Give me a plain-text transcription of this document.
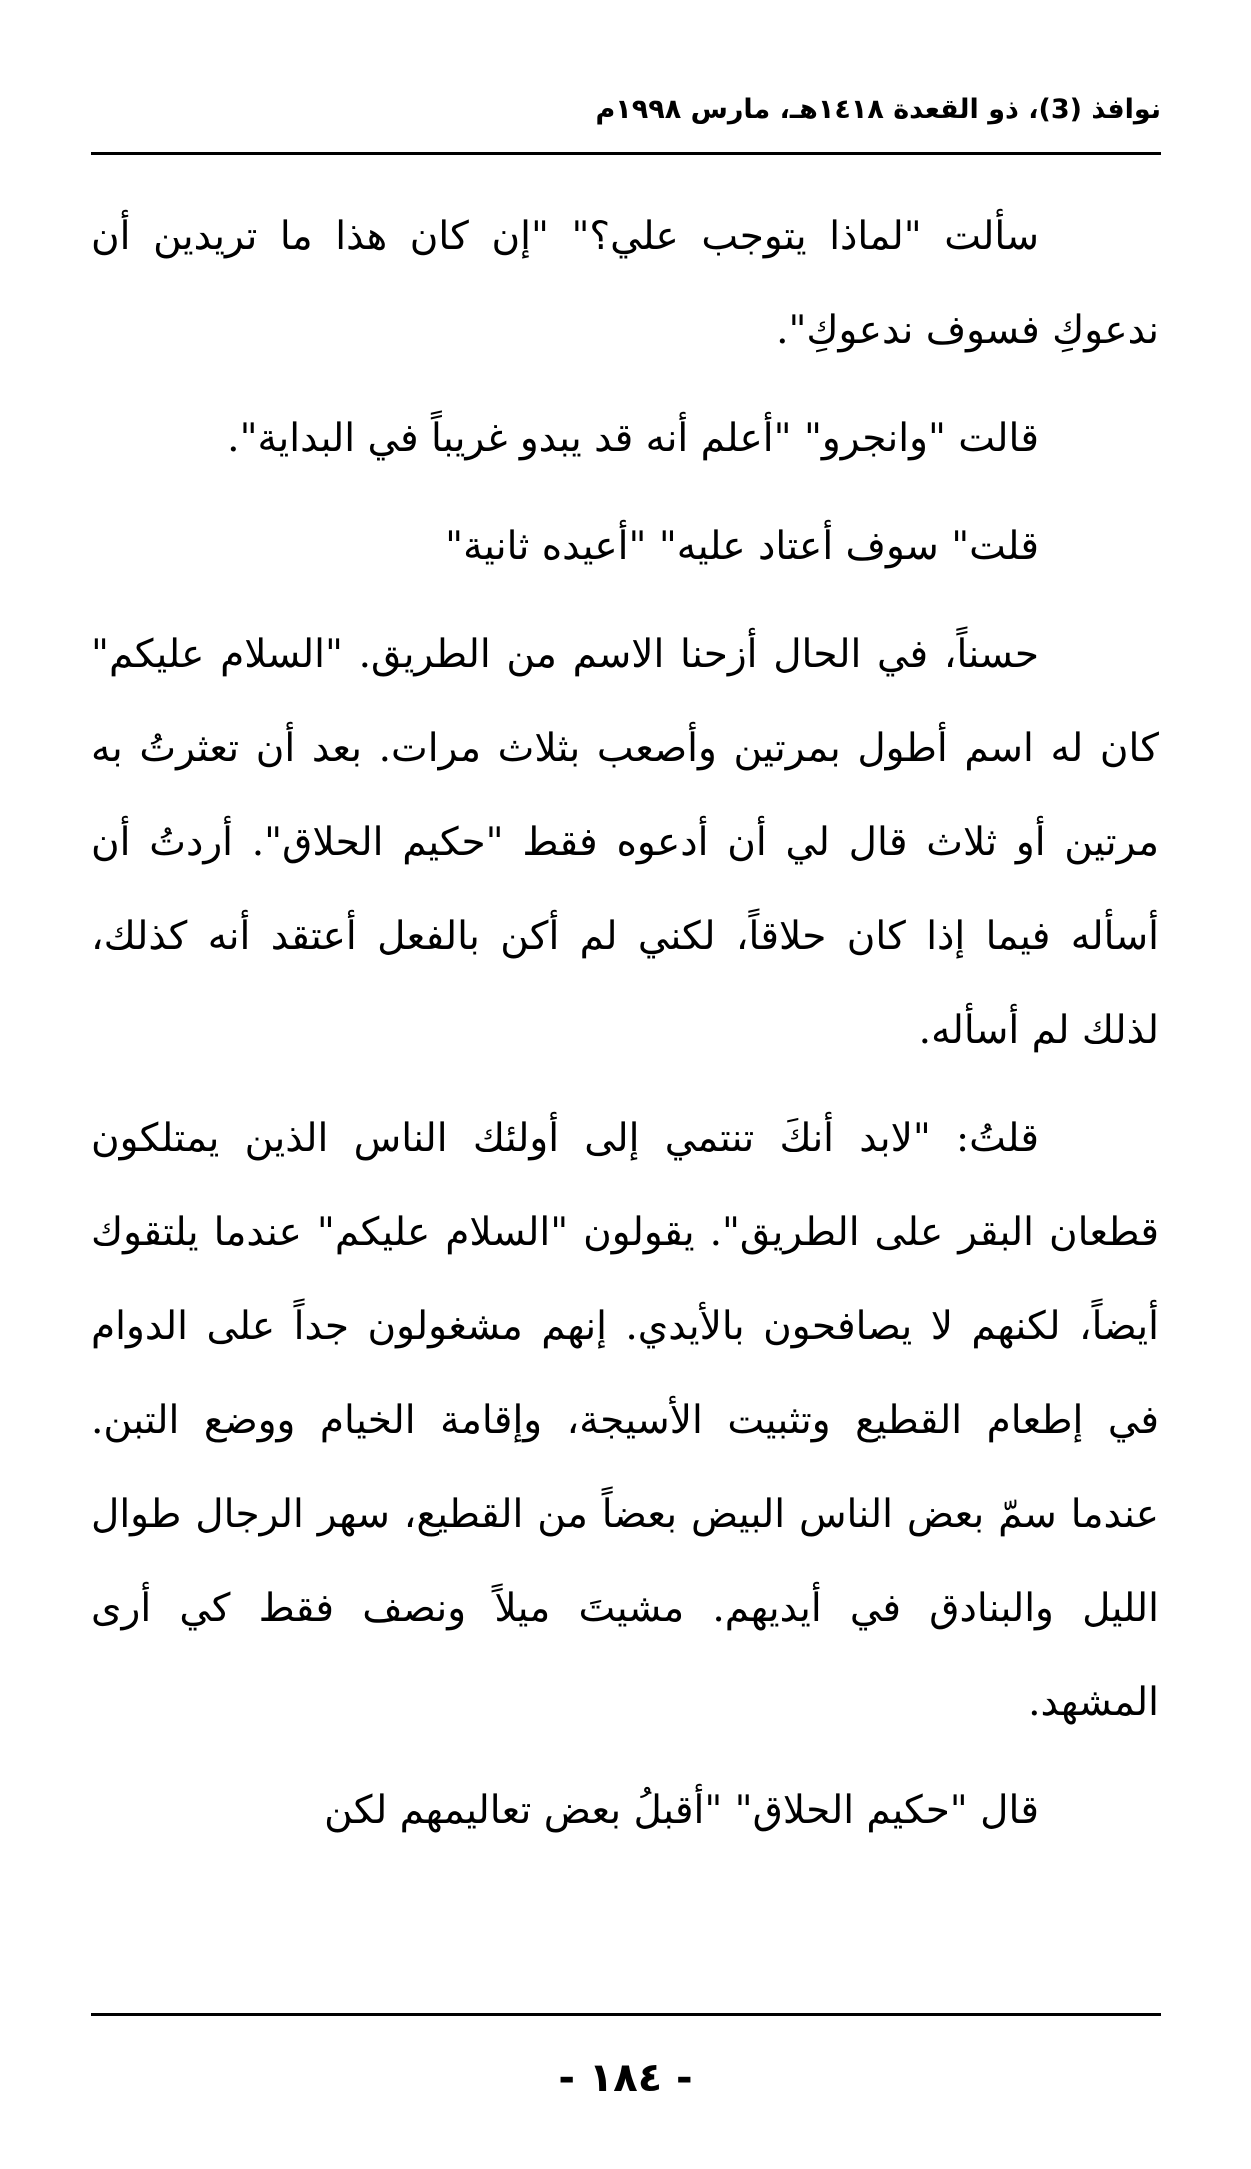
نوافذ (3)، ذو القعدة ١٤١٨هـ، مارس ١٩٩٨م

سألت "لماذا يتوجب علي؟" "إن كان هذا ما تريدين أن ندعوكِ فسوف ندعوكِ".

قالت "وانجرو" "أعلم أنه قد يبدو غريباً في البداية".

قلت" سوف أعتاد عليه" "أعيده ثانية"

حسناً، في الحال أزحنا الاسم من الطريق. "السلام عليكم" كان له اسم أطول بمرتين وأصعب بثلاث مرات. بعد أن تعثرتُ به مرتين أو ثلاث قال لي أن أدعوه فقط "حكيم الحلاق". أردتُ أن أسأله فيما إذا كان حلاقاً، لكني لم أكن بالفعل أعتقد أنه كذلك، لذلك لم أسأله.

قلتُ: "لابد أنكَ تنتمي إلى أولئك الناس الذين يمتلكون قطعان البقر على الطريق". يقولون "السلام عليكم" عندما يلتقوك أيضاً، لكنهم لا يصافحون بالأيدي. إنهم مشغولون جداً على الدوام في إطعام القطيع وتثبيت الأسيجة، وإقامة الخيام ووضع التبن. عندما سمّ بعض الناس البيض بعضاً من القطيع، سهر الرجال طوال الليل والبنادق في أيديهم. مشيتَ ميلاً ونصف فقط كي أرى المشهد.

قال "حكيم الحلاق" "أقبلُ بعض تعاليمهم لكن

- ١٨٤ -
